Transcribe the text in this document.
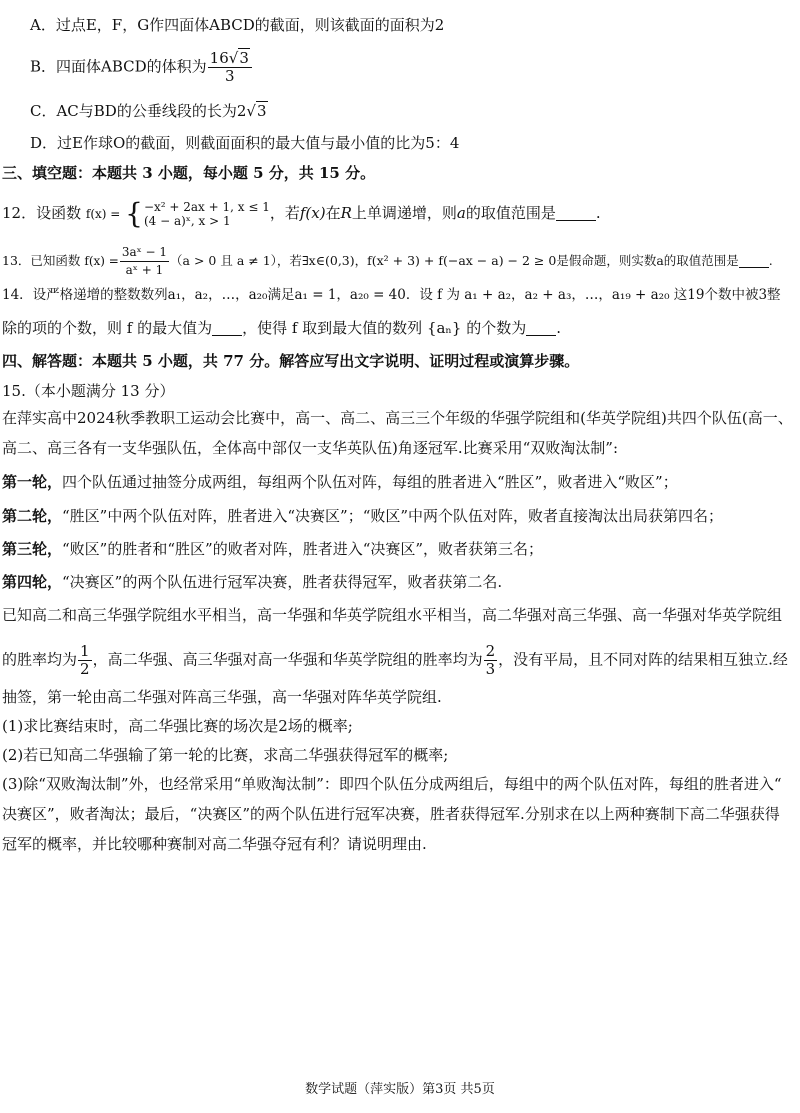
A．过点E，F，G作四面体ABCD的截面，则该截面的面积为2
B．四面体ABCD的体积为 $\frac{16√3}{3}$
C．AC与BD的公垂线段的长为2√3
D．过E作球O的截面，则截面面积的最大值与最小值的比为5：4
三、填空题：本题共 3 小题，每小题 5 分，共 15 分。
12．设函数 f(x) = { −x² + 2ax + 1, x ≤ 1
(4 − a)ˣ, x > 1	，若f(x)在R上单调递增，则a的取值范围是	.
13．已知函数 $f(x) = \frac{\text{3aˣ − 1}}{\text{aˣ + 1}} (a > 0$ 且 a ≠ 1），若∃x∈(0,3)，f(x² + 3) + f(−ax − a) − 2 ≥ 0是假命题，则实数a的取值范围是 .
14．设严格递增的整数数列a₁，a₂，…，a₂₀满足a₁ = 1，a₂₀ = 40．设 f 为 a₁ + a₂，a₂ + a₃，…，a₁₉ + a₂₀ 这19个数中被3整
除的项的个数，则 f 的最大值为 ，使得 f 取到最大值的数列 {aₙ} 的个数为 .
四、解答题：本题共 5 小题，共 77 分。解答应写出文字说明、证明过程或演算步骤。
15.（本小题满分 13 分）
在萍实高中2024秋季教职工运动会比赛中，高一、高二、高三三个年级的华强学院组和(华英学院组)共四个队伍(高一、
高二、高三各有一支华强队伍，全体高中部仅一支华英队伍)角逐冠军.比赛采用“双败淘汰制”:
第一轮，四个队伍通过抽签分成两组，每组两个队伍对阵，每组的胜者进入“胜区”，败者进入“败区”；
第二轮，“胜区”中两个队伍对阵，胜者进入“决赛区”；“败区”中两个队伍对阵，败者直接淘汰出局获第四名；
第三轮，“败区”的胜者和“胜区”的败者对阵，胜者进入“决赛区”，败者获第三名；
第四轮，“决赛区”的两个队伍进行冠军决赛，胜者获得冠军，败者获第二名.
已知高二和高三华强学院组水平相当，高一华强和华英学院组水平相当，高二华强对高三华强、高一华强对华英学院组
的胜率均为 $\frac{1}{2}$ ，高二华强、高三华强对高一华强和华英学院组的胜率均为 $\frac{2}{3}$ ，没有平局，且不同对阵的结果相互独立.经
抽签，第一轮由高二华强对阵高三华强，高一华强对阵华英学院组.
(1)求比赛结束时，高二华强比赛的场次是2场的概率;
(2)若已知高二华强输了第一轮的比赛，求高二华强获得冠军的概率;
(3)除“双败淘汰制”外，也经常采用“单败淘汰制”：即四个队伍分成两组后，每组中的两个队伍对阵，每组的胜者进入“
决赛区”，败者淘汰；最后，“决赛区”的两个队伍进行冠军决赛，胜者获得冠军.分别求在以上两种赛制下高二华强获得
冠军的概率，并比较哪种赛制对高二华强夺冠有利？请说明理由.
数学试题（萍实版）第3页 共5页
